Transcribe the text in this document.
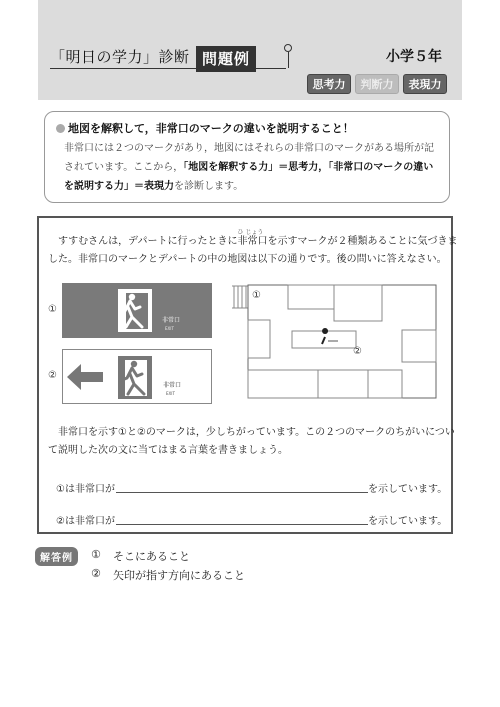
「明日の学力」診断 問題例	小学５年
思考力	判断力	表現力
地図を解釈して，非常口のマークの違いを説明すること！
非常口には２つのマークがあり，地図にはそれらの非常口のマークがある場所が記
されています。ここから，「地図を解釈する力」＝思考力，「非常口のマークの違い
を説明する力」＝表現力を診断します。
すすむさんは，デパートに行ったときに
ひ じょう
非常口を示すマークが２種類あることに気づきま
した。非常口のマークとデパートの中の地図は以下の通りです。後の問いに答えなさい。
①
非常口
EXIT
②
非常口
EXIT
①
②
非常口を示す①と②のマークは，少しちがっています。この２つのマークのちがいについ
て説明した次の文に当てはまる言葉を書きましょう。
①は非常口が	を示しています。
②は非常口が	を示しています。
解答例	① そこにあること
② 矢印が指す方向にあること
